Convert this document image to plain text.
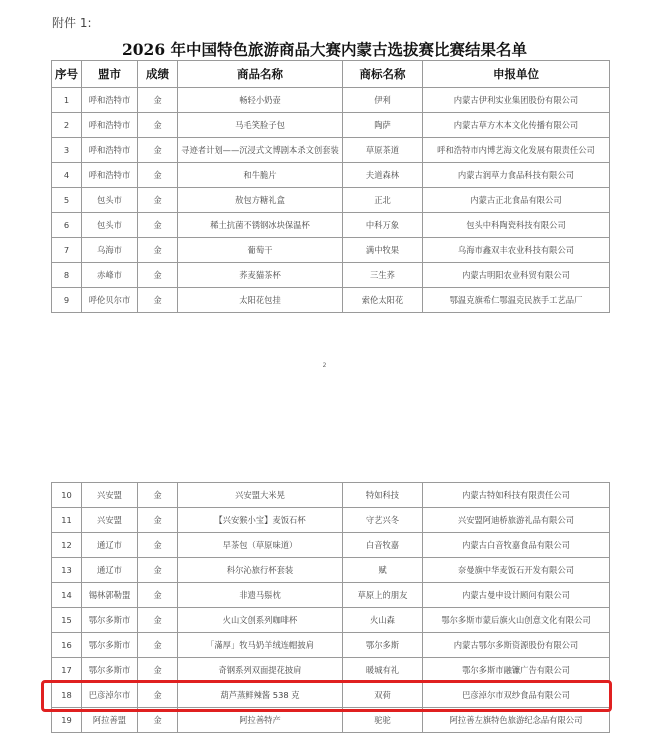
附件 1:
2026 年中国特色旅游商品大赛内蒙古选拔赛比赛结果名单
序号	盟市	成绩	商品名称	商标名称	申报单位
1	呼和浩特市	金	畅轻小奶壶	伊利	内蒙古伊利实业集团股份有限公司
2	呼和浩特市	金	马毛笑脸子包	陶萨	内蒙古草方木本文化传播有限公司
3	呼和浩特市	金	寻迹者计划——沉浸式文博剧本杀文创套装	草原茶道	呼和浩特市内博艺海文化发展有限责任公司
4	呼和浩特市	金	和牛脆片	夫道森林	内蒙古润草力食品科技有限公司
5	包头市	金	敖包方糖礼盒	正北	内蒙古正北食品有限公司
6	包头市	金	稀土抗菌不锈钢冰块保温杯	中科万象	包头中科陶瓷科技有限公司
7	乌海市	金	葡萄干	满中牧果	乌海市鑫双丰农业科技有限公司
8	赤峰市	金	荞麦猫茶杯	三生荞	内蒙古明阳农业科贸有限公司
9	呼伦贝尔市	金	太阳花包挂	索伦太阳花	鄂温克旗希仁鄂温克民族手工艺品厂
2
10	兴安盟	金	兴安盟大米晃	特如科技	内蒙古特如科技有限责任公司
11	兴安盟	金	【兴安猴小宝】麦饭石杯	守艺兴冬	兴安盟阿迪桥旅游礼品有限公司
12	通辽市	金	早茶包（草原味道）	白音牧嘉	内蒙古白音牧嘉食品有限公司
13	通辽市	金	科尔沁旅行杯套装	赋	奈曼旗中华麦饭石开发有限公司
14	锡林郭勒盟	金	非遗马鬃枕	草原上的朋友	内蒙古曼申设计顾问有限公司
15	鄂尔多斯市	金	火山文创系列咖啡杯	火山森	鄂尔多斯市蒙后旗火山创意文化有限公司
16	鄂尔多斯市	金	「滿厚」牧马奶羊绒连帽披肩	鄂尔多斯	内蒙古鄂尔多斯资源股份有限公司
17	鄂尔多斯市	金	奇钢系列双面提花披肩	暖城有礼	鄂尔多斯市融镰广告有限公司
18	巴彦淖尔市	金	葫芦蒸鲜辣酱 538 克	双荷	巴彦淖尔市双纱食品有限公司
19	阿拉善盟	金	阿拉善特产	驼驼	阿拉善左旗特色旅游纪念品有限公司
